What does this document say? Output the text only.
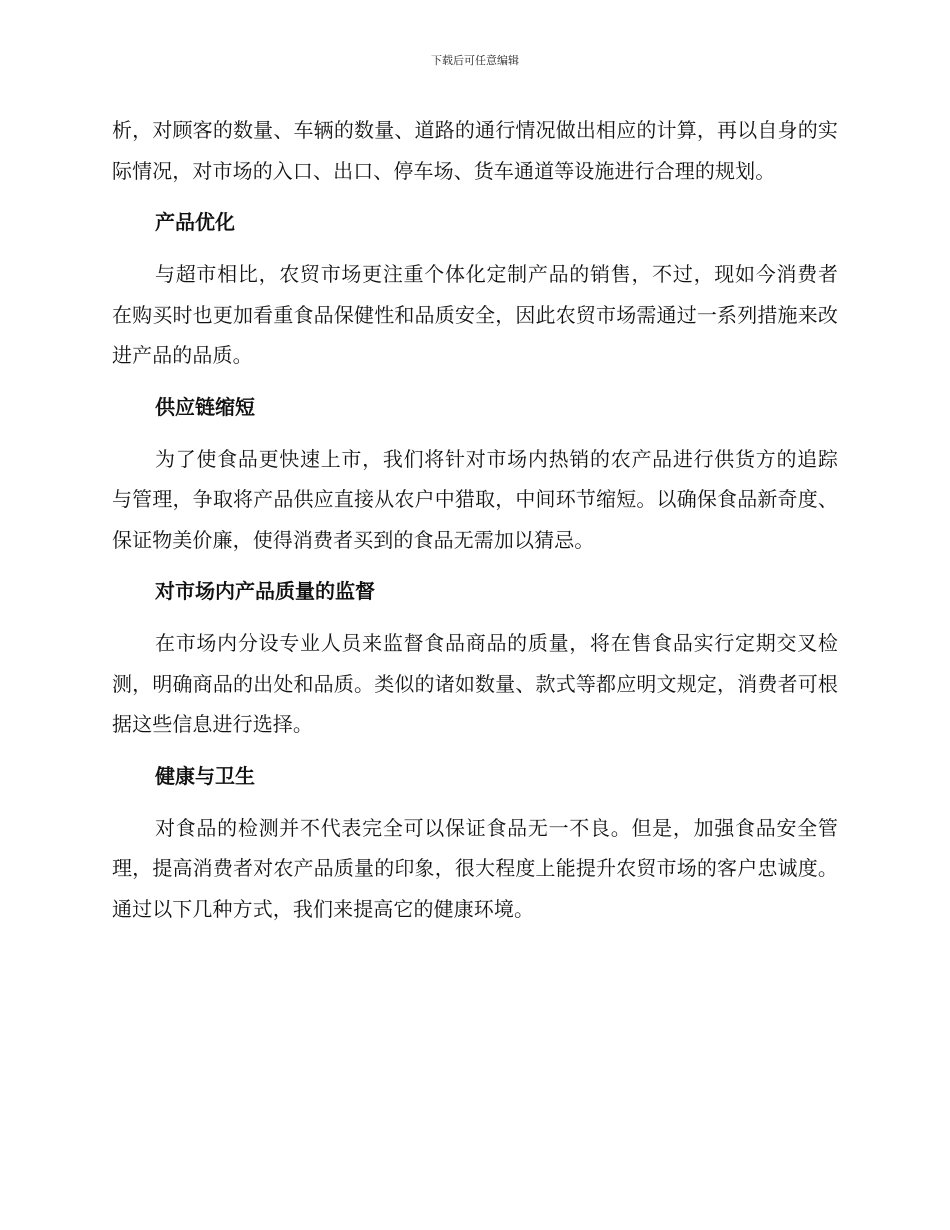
下载后可任意编辑

析，对顾客的数量、车辆的数量、道路的通行情况做出相应的计算，再以自身的实际情况，对市场的入口、出口、停车场、货车通道等设施进行合理的规划。

产品优化

与超市相比，农贸市场更注重个体化定制产品的销售，不过，现如今消费者在购买时也更加看重食品保健性和品质安全，因此农贸市场需通过一系列措施来改进产品的品质。

供应链缩短

为了使食品更快速上市，我们将针对市场内热销的农产品进行供货方的追踪与管理，争取将产品供应直接从农户中猎取，中间环节缩短。以确保食品新奇度、保证物美价廉，使得消费者买到的食品无需加以猜忌。

对市场内产品质量的监督

在市场内分设专业人员来监督食品商品的质量，将在售食品实行定期交叉检测，明确商品的出处和品质。类似的诸如数量、款式等都应明文规定，消费者可根据这些信息进行选择。

健康与卫生

对食品的检测并不代表完全可以保证食品无一不良。但是，加强食品安全管理，提高消费者对农产品质量的印象，很大程度上能提升农贸市场的客户忠诚度。通过以下几种方式，我们来提高它的健康环境。
